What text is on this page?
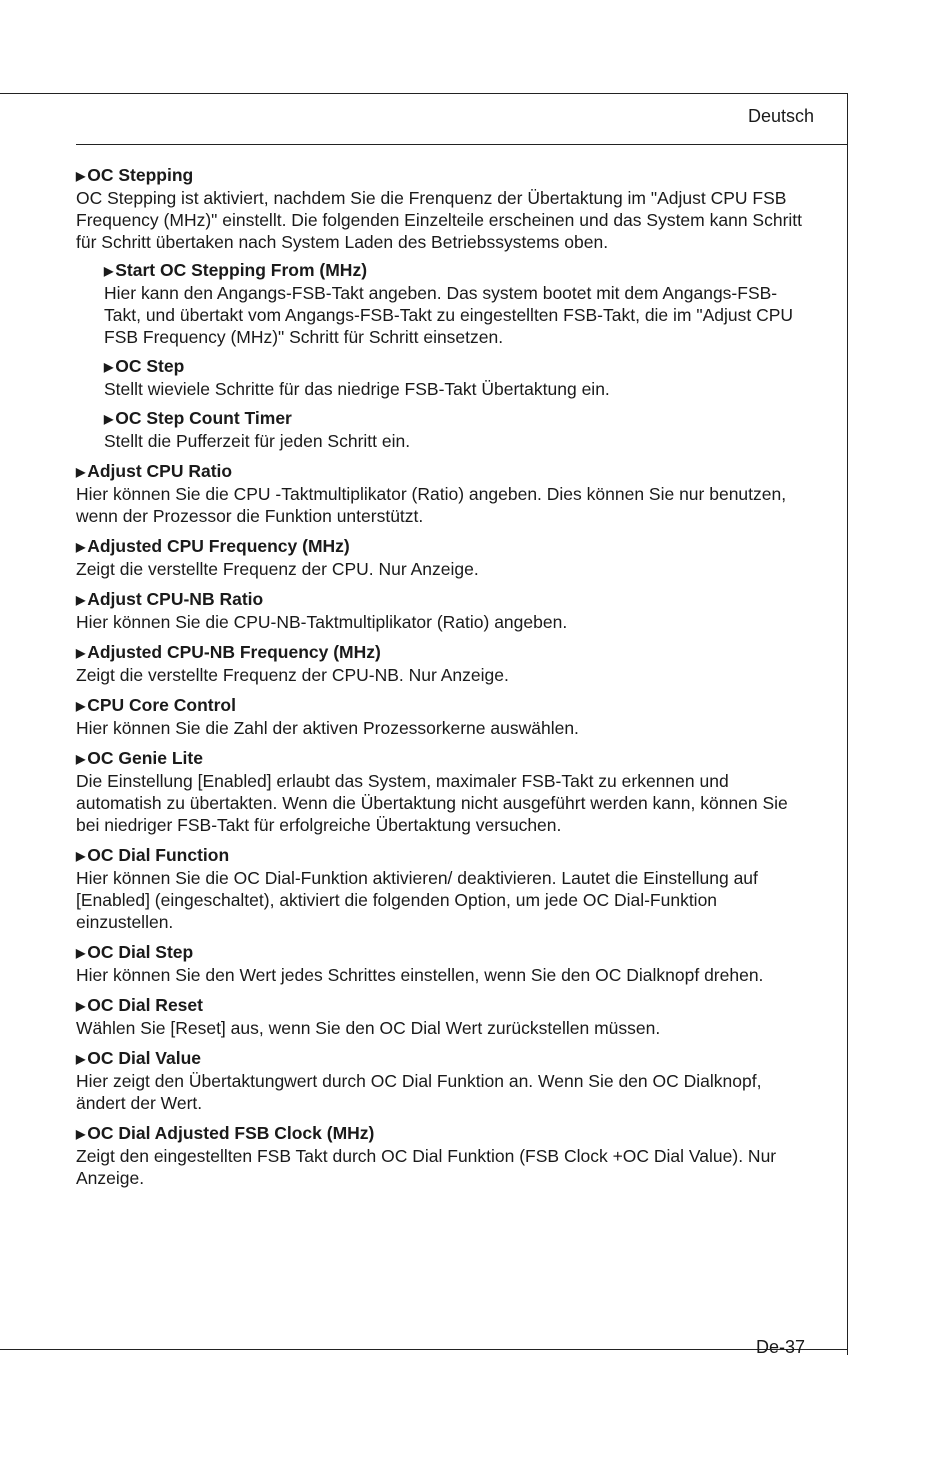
Deutsch
▶ OC Stepping
OC Stepping ist aktiviert, nachdem Sie die Frenquenz der Übertaktung im "Adjust CPU FSB Frequency (MHz)" einstellt. Die folgenden Einzelteile erscheinen und das System kann Schritt für Schritt übertaken nach System Laden des Betriebssystems oben.
▶ Start OC Stepping From (MHz)
Hier kann den Angangs-FSB-Takt angeben. Das system bootet mit dem Angangs-FSB-Takt, und übertakt vom Angangs-FSB-Takt zu eingestellten FSB-Takt, die im "Adjust CPU FSB Frequency (MHz)" Schritt für Schritt einsetzen.
▶ OC Step
Stellt wieviele Schritte für das niedrige FSB-Takt Übertaktung ein.
▶ OC Step Count Timer
Stellt die Pufferzeit für jeden Schritt ein.
▶ Adjust CPU Ratio
Hier können Sie die CPU -Taktmultiplikator (Ratio) angeben. Dies können Sie nur benutzen, wenn der Prozessor die Funktion unterstützt.
▶ Adjusted CPU Frequency (MHz)
Zeigt die verstellte Frequenz der CPU. Nur Anzeige.
▶ Adjust CPU-NB Ratio
Hier können Sie die CPU-NB-Taktmultiplikator (Ratio) angeben.
▶ Adjusted CPU-NB Frequency (MHz)
Zeigt die verstellte Frequenz der CPU-NB. Nur Anzeige.
▶ CPU Core Control
Hier können Sie die Zahl der aktiven Prozessorkerne auswählen.
▶ OC Genie Lite
Die Einstellung [Enabled] erlaubt das System, maximaler FSB-Takt zu erkennen und automatish zu übertakten. Wenn die Übertaktung nicht ausgeführt werden kann, können Sie bei niedriger FSB-Takt für erfolgreiche Übertaktung versuchen.
▶ OC Dial Function
Hier können Sie die OC Dial-Funktion aktivieren/ deaktivieren. Lautet die Einstellung auf [Enabled] (eingeschaltet), aktiviert die folgenden Option, um jede OC Dial-Funktion einzustellen.
▶ OC Dial Step
Hier können Sie den Wert jedes Schrittes einstellen, wenn Sie den OC Dialknopf drehen.
▶ OC Dial Reset
Wählen Sie [Reset] aus, wenn Sie den OC Dial Wert zurückstellen müssen.
▶ OC Dial Value
Hier zeigt den Übertaktungwert durch OC Dial Funktion an. Wenn Sie den OC Dialknopf, ändert der Wert.
▶ OC Dial Adjusted FSB Clock (MHz)
Zeigt den eingestellten FSB Takt durch OC Dial Funktion (FSB Clock +OC Dial Value). Nur Anzeige.
De-37
